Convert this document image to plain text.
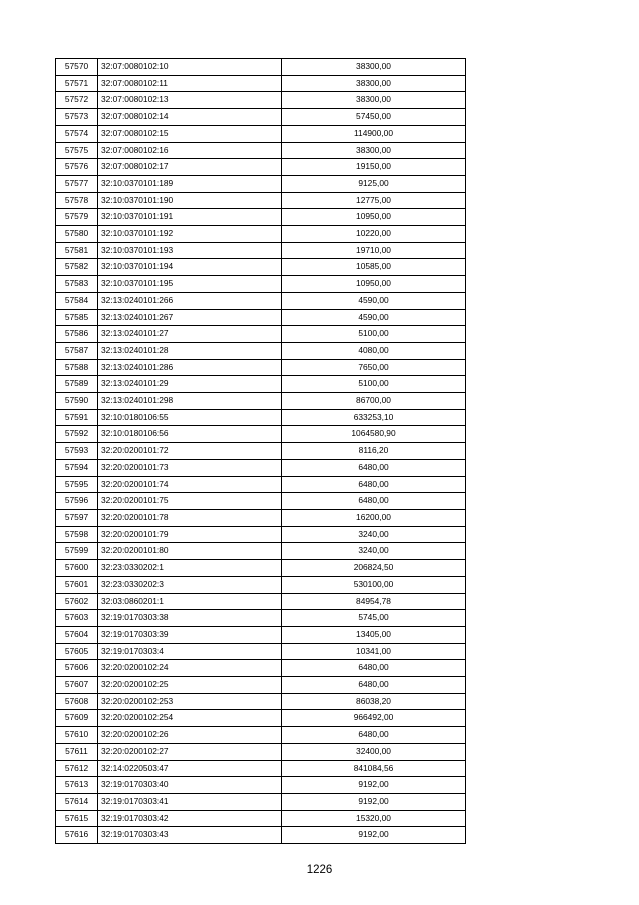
57570	32:07:0080102:10	38300,00
57571	32:07:0080102:11	38300,00
57572	32:07:0080102:13	38300,00
57573	32:07:0080102:14	57450,00
57574	32:07:0080102:15	114900,00
57575	32:07:0080102:16	38300,00
57576	32:07:0080102:17	19150,00
57577	32:10:0370101:189	9125,00
57578	32:10:0370101:190	12775,00
57579	32:10:0370101:191	10950,00
57580	32:10:0370101:192	10220,00
57581	32:10:0370101:193	19710,00
57582	32:10:0370101:194	10585,00
57583	32:10:0370101:195	10950,00
57584	32:13:0240101:266	4590,00
57585	32:13:0240101:267	4590,00
57586	32:13:0240101:27	5100,00
57587	32:13:0240101:28	4080,00
57588	32:13:0240101:286	7650,00
57589	32:13:0240101:29	5100,00
57590	32:13:0240101:298	86700,00
57591	32:10:0180106:55	633253,10
57592	32:10:0180106:56	1064580,90
57593	32:20:0200101:72	8116,20
57594	32:20:0200101:73	6480,00
57595	32:20:0200101:74	6480,00
57596	32:20:0200101:75	6480,00
57597	32:20:0200101:78	16200,00
57598	32:20:0200101:79	3240,00
57599	32:20:0200101:80	3240,00
57600	32:23:0330202:1	206824,50
57601	32:23:0330202:3	530100,00
57602	32:03:0860201:1	84954,78
57603	32:19:0170303:38	5745,00
57604	32:19:0170303:39	13405,00
57605	32:19:0170303:4	10341,00
57606	32:20:0200102:24	6480,00
57607	32:20:0200102:25	6480,00
57608	32:20:0200102:253	86038,20
57609	32:20:0200102:254	966492,00
57610	32:20:0200102:26	6480,00
57611	32:20:0200102:27	32400,00
57612	32:14:0220503:47	841084,56
57613	32:19:0170303:40	9192,00
57614	32:19:0170303:41	9192,00
57615	32:19:0170303:42	15320,00
57616	32:19:0170303:43	9192,00
1226
